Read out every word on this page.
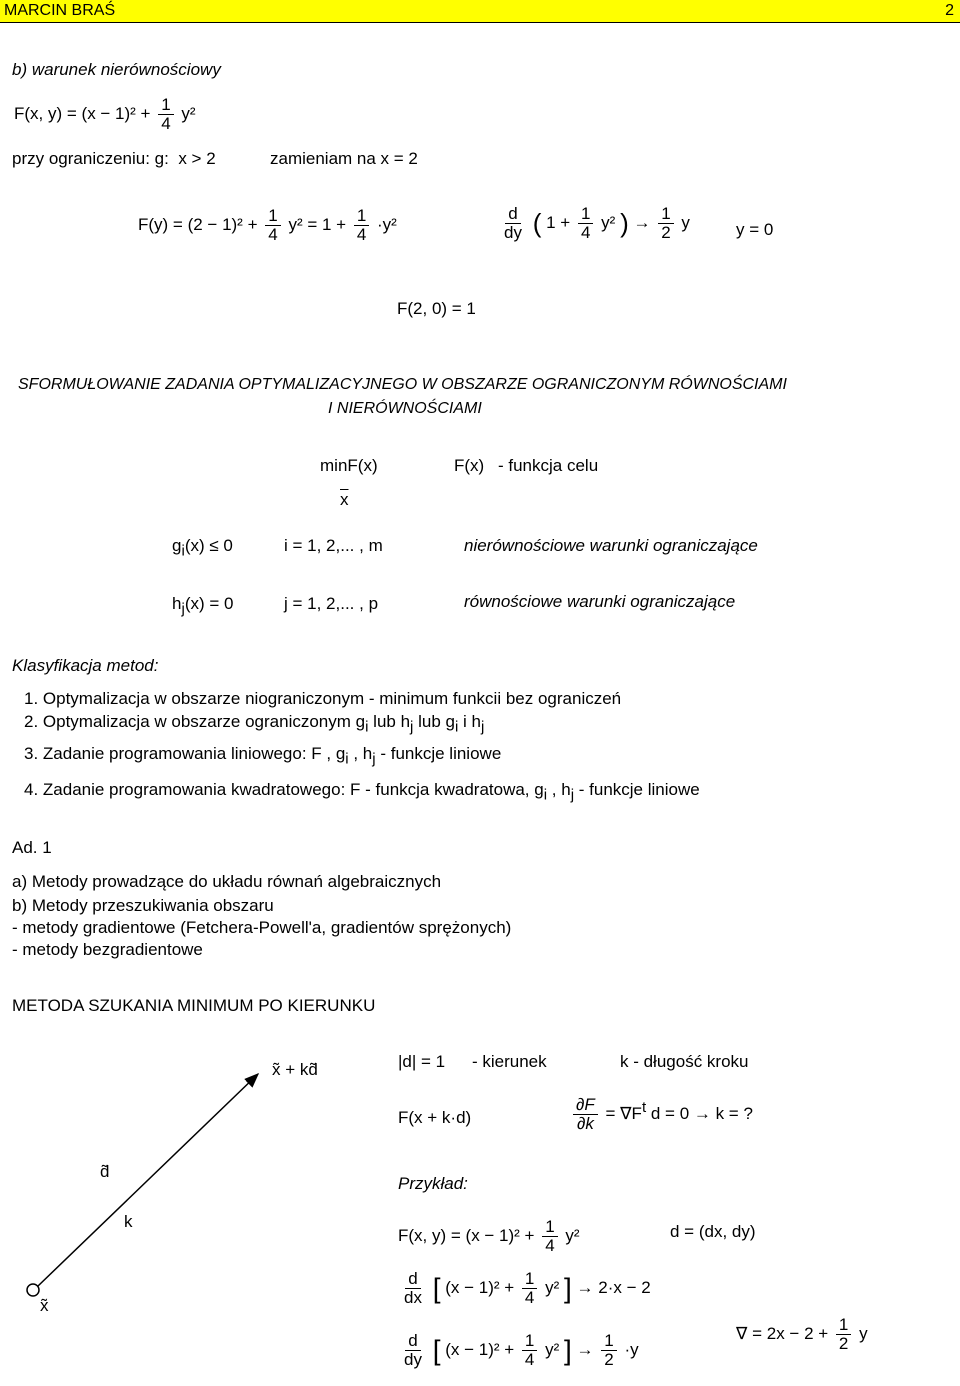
MARCIN BRAŚ	2
b) warunek nierównościowy
F(x, $y) = (x - 1)^2 + \frac{1}{4} y^2$
przy ograniczeniu: g: x > 2	zamieniam na x = 2
$F(y) = (2 - 1)^2 + \frac{1}{4} y^2 = 1 + \frac{1}{4} \cdot y^2$	$\frac{d}{dy}$ ( $1 + \frac{1}{4} y^2$ ) → $\frac{1}{2}$ y	y = 0
F(2, 0) = 1
SFORMUŁOWANIE ZADANIA OPTYMALIZACYJNEGO W OBSZARZE OGRANICZONYM RÓWNOŚCIAMI
I NIERÓWNOŚCIAMI
minF(x)
$\overline{x}$
F(x) - funkcja celu
$g_i(x) \le 0$	i = 1, 2,... , m	nierównościowe warunki ograniczające
$h_j(x) = 0$	j = 1, 2,... , p	równościowe warunki ograniczające
Klasyfikacja metod:
1. Optymalizacja w obszarze niograniczonym - minimum funkcii bez ograniczeń
2. Optymalizacja w obszarze ograniczonym $g_i$ lub $h_j$ lub $g_i$ i $h_j$
3. Zadanie programowania liniowego: F , $g_i$ , $h_j$ - funkcje liniowe
4. Zadanie programowania kwadratowego: F - funkcja kwadratowa, $g_i$ , $h_j$ - funkcje liniowe
Ad. 1
a) Metody prowadzące do układu równań algebraicznych
b) Metody przeszukiwania obszaru
- metody gradientowe (Fetchera-Powell'a, gradientów sprężonych)
- metody bezgradientowe
METODA SZUKANIA MINIMUM PO KIERUNKU
x̃ + kd̃
d̃
k
x̃
|d| = 1 - kierunek	k - długość kroku
F(x + k·d)	$\frac{\partial F}{\partial k} = \nabla F^t$ d = 0 → k = ?
Przykład:
F(x, $y) = (x - 1)^2 + \frac{1}{4} y^2$	d = (dx, dy)
$\frac{d}{dx}$ [ $(x - 1)^2 + \frac{1}{4} y^2$ ] → 2·x − 2
$\frac{d}{dy}$ [ $(x - 1)^2 + \frac{1}{4} y^2$ ] → $\frac{1}{2} \cdot y$
∇ = $2x - 2 + \frac{1}{2}$ y
